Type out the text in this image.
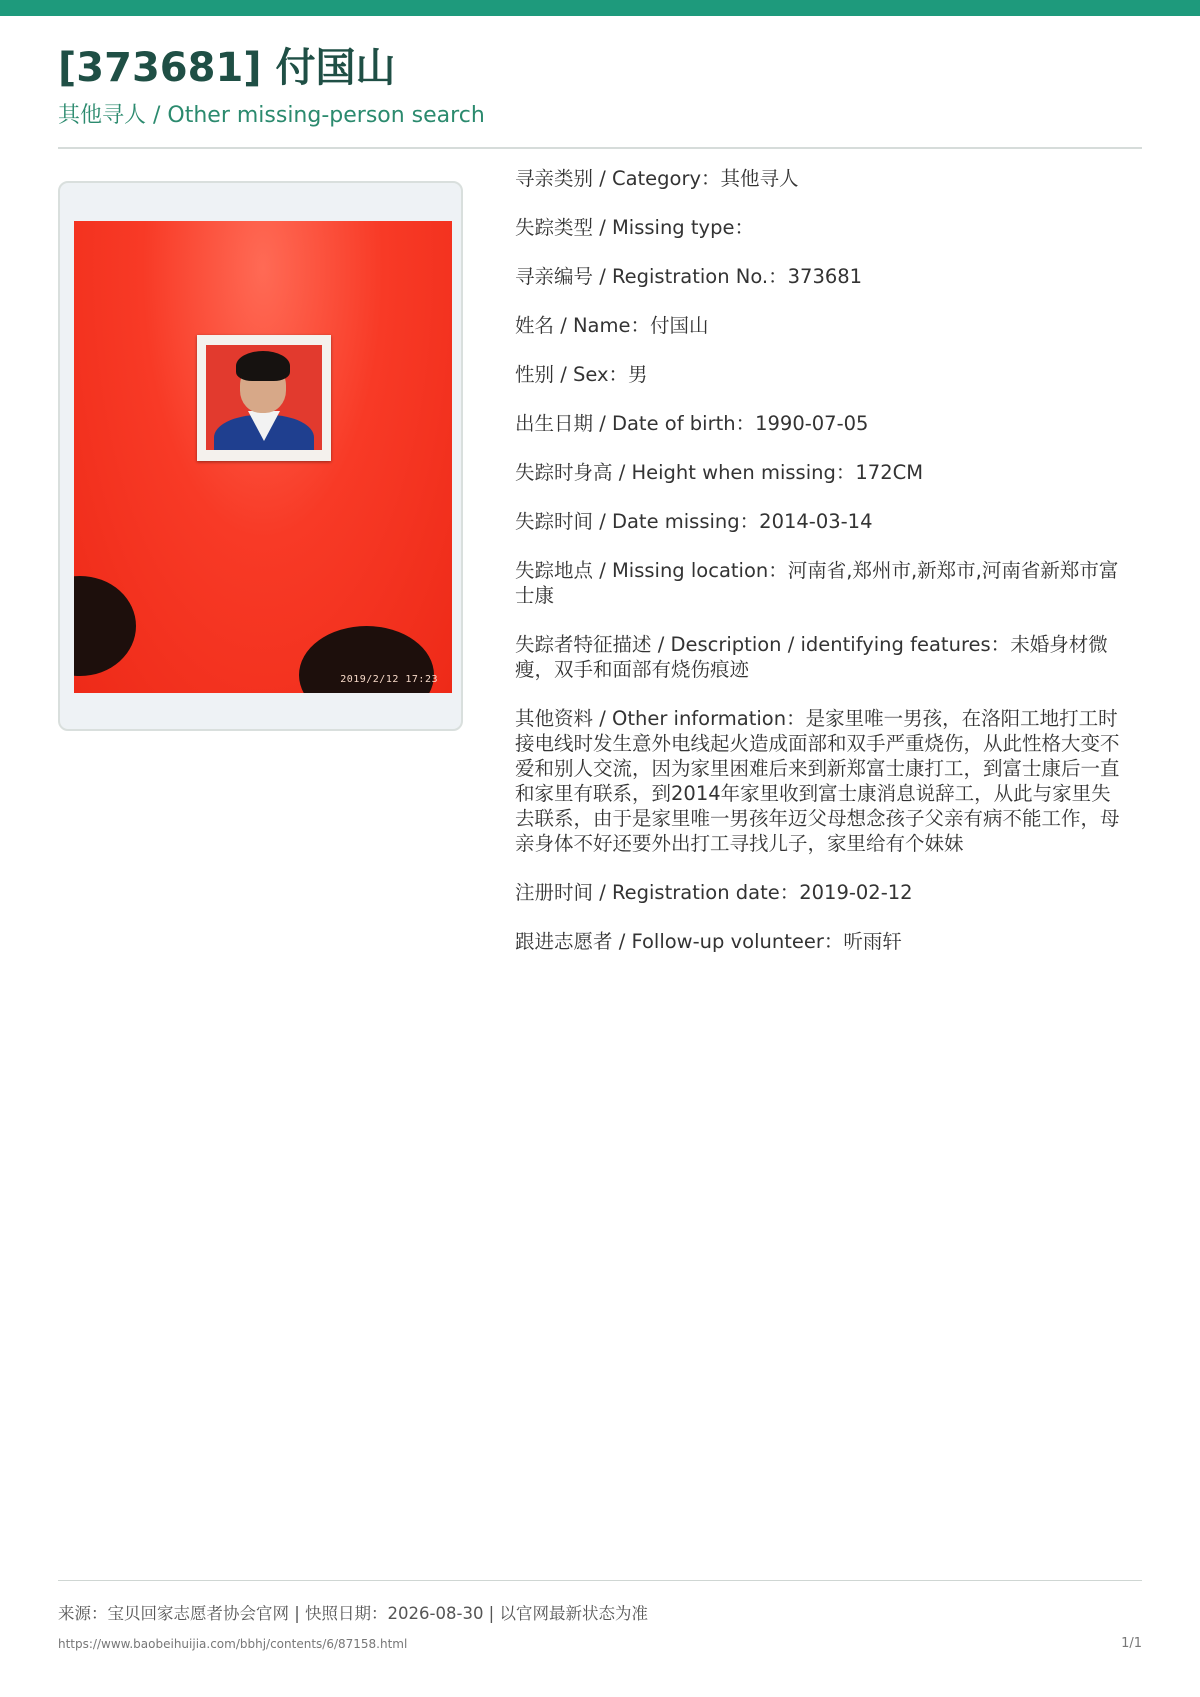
[373681] 付国山
其他寻人 / Other missing-person search
2019/2/12 17:23

寻亲类别 / Category：其他寻人

失踪类型 / Missing type：

寻亲编号 / Registration No.：373681

姓名 / Name：付国山

性别 / Sex：男

出生日期 / Date of birth：1990-07-05

失踪时身高 / Height when missing：172CM

失踪时间 / Date missing：2014-03-14

失踪地点 / Missing location：河南省,郑州市,新郑市,河南省新郑市富士康

失踪者特征描述 / Description / identifying features：未婚身材微瘦，双手和面部有烧伤痕迹

其他资料 / Other information：是家里唯一男孩，在洛阳工地打工时接电线时发生意外电线起火造成面部和双手严重烧伤，从此性格大变不爱和别人交流，因为家里困难后来到新郑富士康打工，到富士康后一直和家里有联系，到2014年家里收到富士康消息说辞工，从此与家里失去联系，由于是家里唯一男孩年迈父母想念孩子父亲有病不能工作，母亲身体不好还要外出打工寻找儿子，家里给有个妹妹

注册时间 / Registration date：2019-02-12

跟进志愿者 / Follow-up volunteer：听雨轩

来源：宝贝回家志愿者协会官网 | 快照日期：2026-08-30 | 以官网最新状态为准
https://www.baobeihuijia.com/bbhj/contents/6/87158.html	1/1
